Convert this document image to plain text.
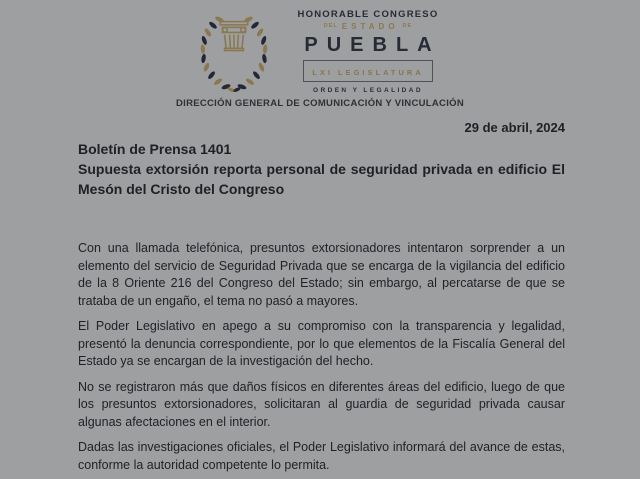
HONORABLE CONGRESO
DEL ESTADO DE
PUEBLA
LXI LEGISLATURA
ORDEN Y LEGALIDAD
DIRECCIÓN GENERAL DE COMUNICACIÓN Y VINCULACIÓN
29 de abril, 2024
Boletín de Prensa 1401
Supuesta extorsión reporta personal de seguridad privada en edificio El Mesón del Cristo del Congreso

Con una llamada telefónica, presuntos extorsionadores intentaron sorprender a un elemento del servicio de Seguridad Privada que se encarga de la vigilancia del edificio de la 8 Oriente 216 del Congreso del Estado; sin embargo, al percatarse de que se trataba de un engaño, el tema no pasó a mayores.

El Poder Legislativo en apego a su compromiso con la transparencia y legalidad, presentó la denuncia correspondiente, por lo que elementos de la Fiscalía General del Estado ya se encargan de la investigación del hecho.

No se registraron más que daños físicos en diferentes áreas del edificio, luego de que los presuntos extorsionadores, solicitaran al guardia de seguridad privada causar algunas afectaciones en el interior.

Dadas las investigaciones oficiales, el Poder Legislativo informará del avance de estas, conforme la autoridad competente lo permita.
